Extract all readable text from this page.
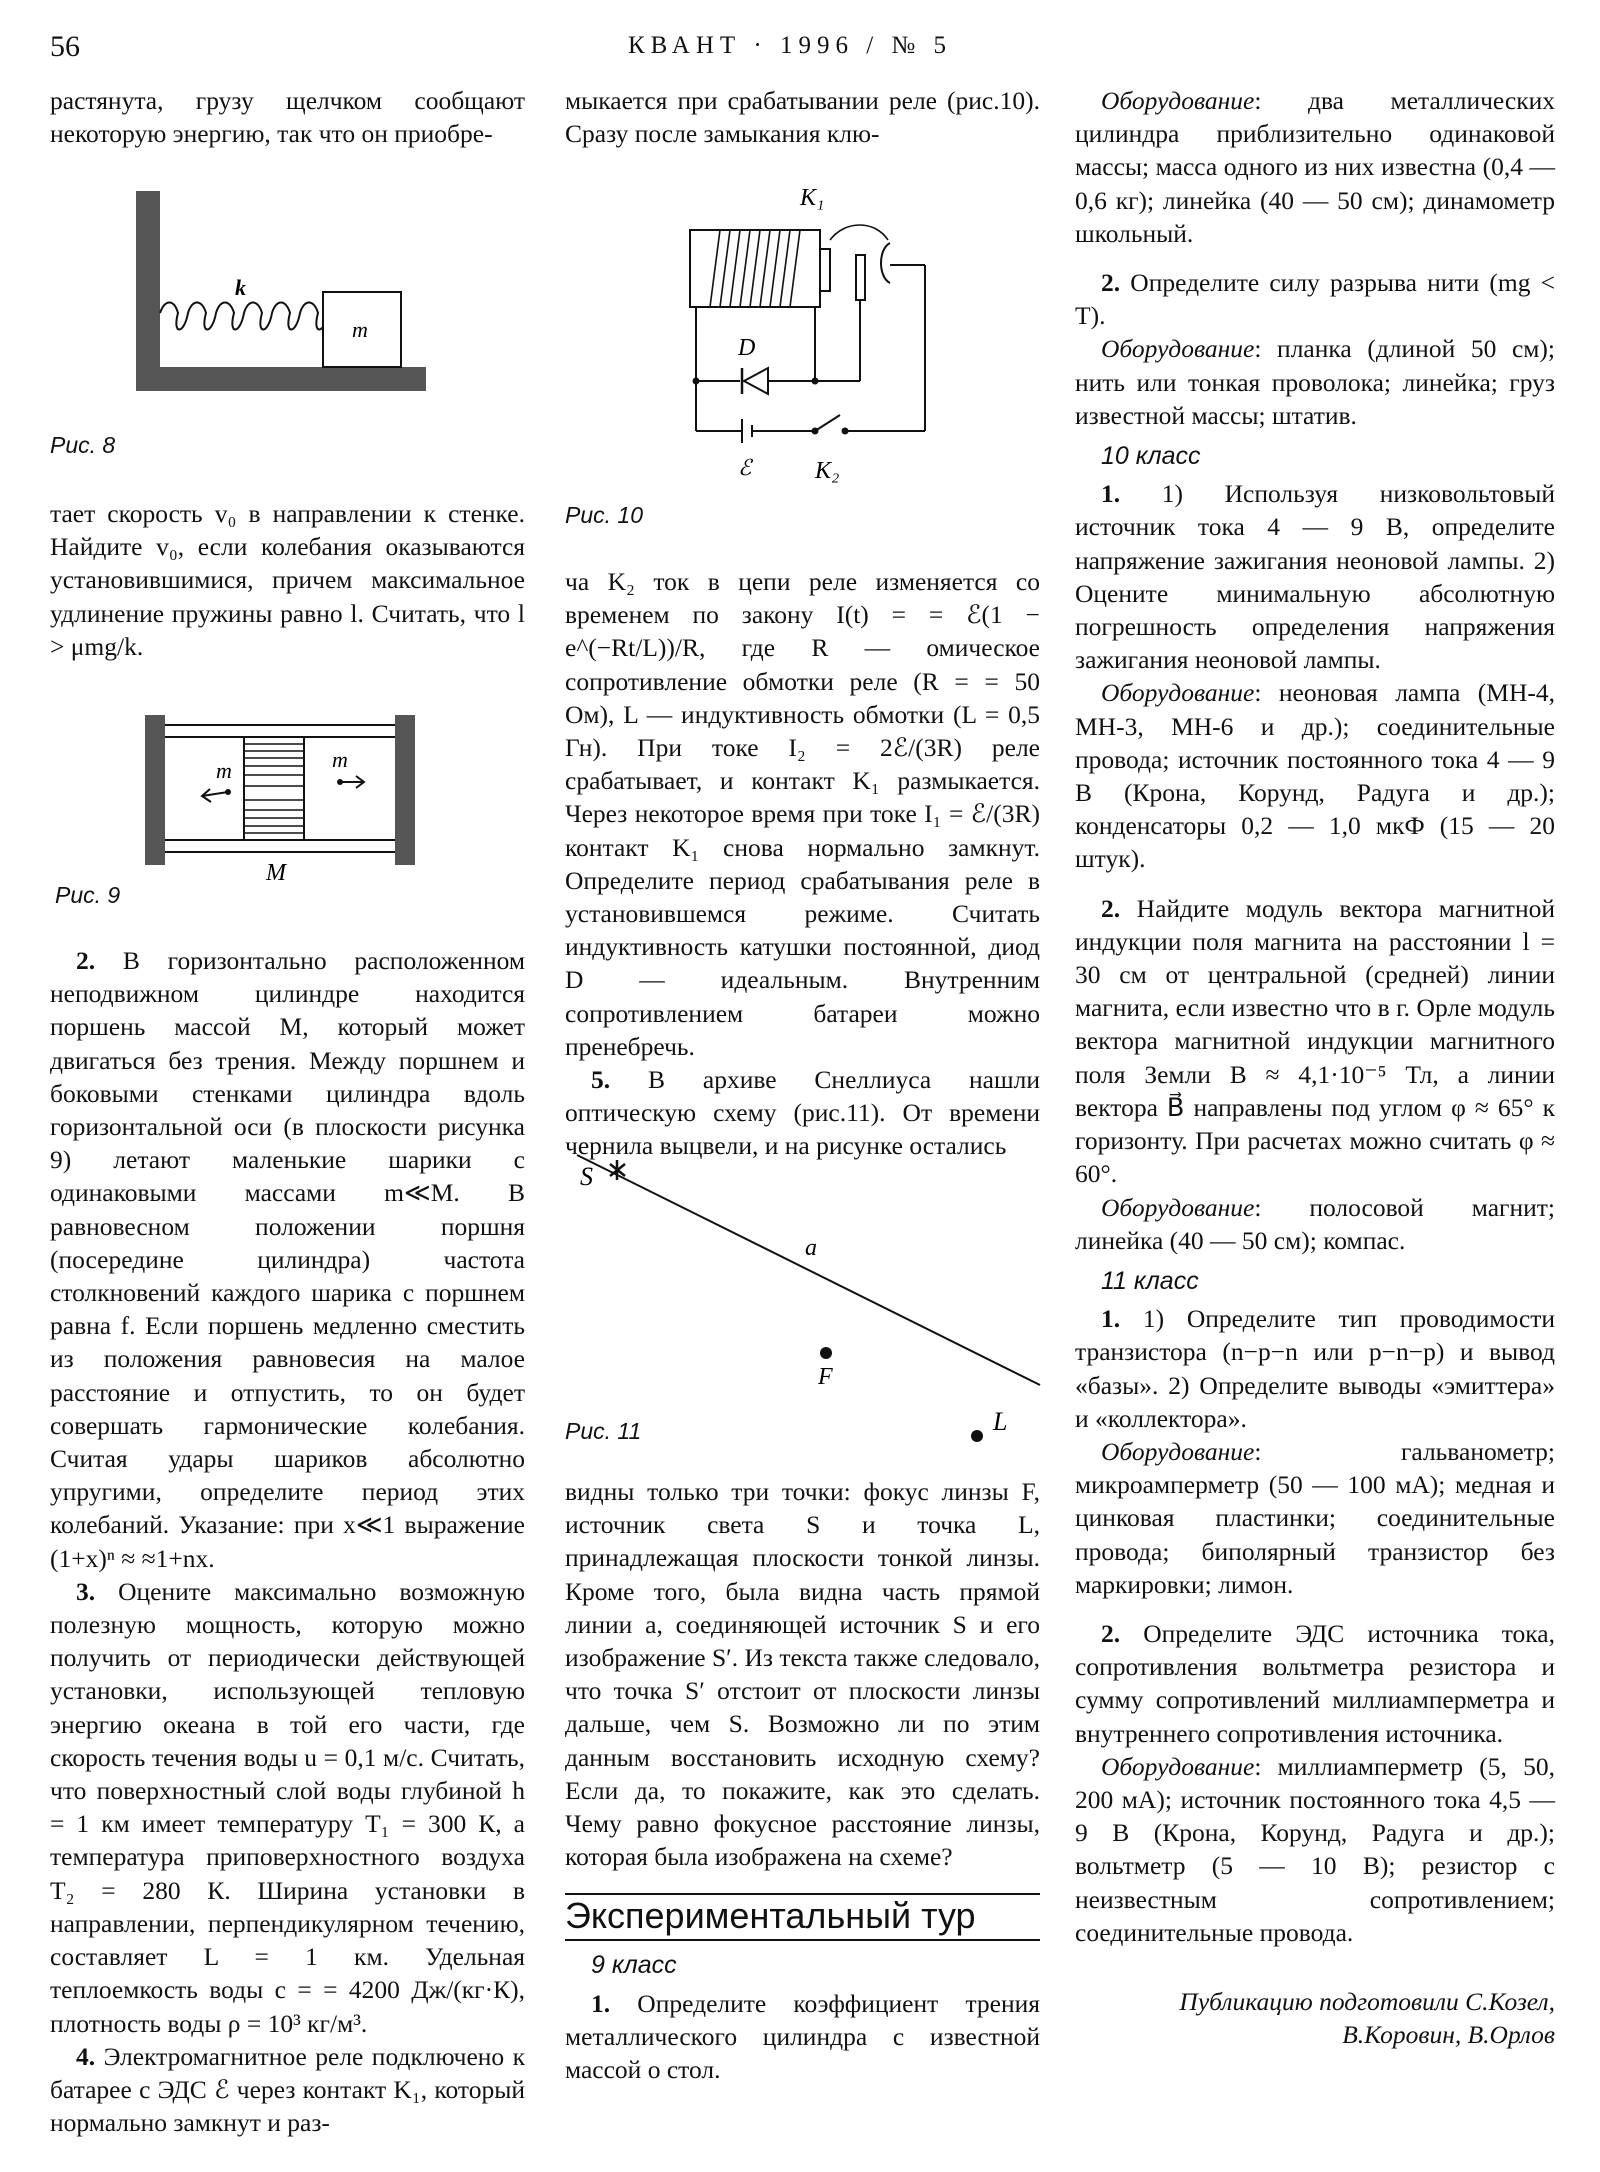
56	КВАНТ · 1996 / № 5

растянута, грузу щелчком сообщают некоторую энергию, так что он приобре-

k
m
Рис. 8

тает скорость v₀ в направлении к стенке. Найдите v₀, если колебания оказываются установившимися, причем максимальное удлинение пружины равно l. Считать, что l > μmg/k.

m	m
M
Рис. 9

2. В горизонтально расположенном неподвижном цилиндре находится поршень массой M, который может двигаться без трения. Между поршнем и боковыми стенками цилиндра вдоль горизонтальной оси (в плоскости рисунка 9) летают маленькие шарики с одинаковыми массами m≪M. В равновесном положении поршня (посередине цилиндра) частота столкновений каждого шарика с поршнем равна f. Если поршень медленно сместить из положения равновесия на малое расстояние и отпустить, то он будет совершать гармонические колебания. Считая удары шариков абсолютно упругими, определите период этих колебаний. Указание: при x≪1 выражение (1+x)ⁿ ≈ ≈1+nx.

3. Оцените максимально возможную полезную мощность, которую можно получить от периодически действующей установки, использующей тепловую энергию океана в той его части, где скорость течения воды u = 0,1 м/с. Считать, что поверхностный слой воды глубиной h = 1 км имеет температуру T₁ = 300 К, а температура приповерхностного воздуха T₂ = 280 К. Ширина установки в направлении, перпендикулярном течению, составляет L = 1 км. Удельная теплоемкость воды c = = 4200 Дж/(кг·К), плотность воды ρ = 10³ кг/м³.

4. Электромагнитное реле подключено к батарее с ЭДС ℰ через контакт K₁, который нормально замкнут и раз-

мыкается при срабатывании реле (рис.10). Сразу после замыкания клю-

K₁
D
ℰ	K₂
Рис. 10

ча K₂ ток в цепи реле изменяется со временем по закону I(t) = = ℰ(1 − e^(−Rt/L))/R, где R — омическое сопротивление обмотки реле (R = = 50 Ом), L — индуктивность обмотки (L = 0,5 Гн). При токе I₂ = 2ℰ/(3R) реле срабатывает, и контакт K₁ размыкается. Через некоторое время при токе I₁ = ℰ/(3R) контакт K₁ снова нормально замкнут. Определите период срабатывания реле в установившемся режиме. Считать индуктивность катушки постоянной, диод D — идеальным. Внутренним сопротивлением батареи можно пренебречь.

5. В архиве Снеллиуса нашли оптическую схему (рис.11). От времени чернила выцвели, и на рисунке остались

S
a
F
L
Рис. 11

видны только три точки: фокус линзы F, источник света S и точка L, принадлежащая плоскости тонкой линзы. Кроме того, была видна часть прямой линии a, соединяющей источник S и его изображение S′. Из текста также следовало, что точка S′ отстоит от плоскости линзы дальше, чем S. Возможно ли по этим данным восстановить исходную схему? Если да, то покажите, как это сделать. Чему равно фокусное расстояние линзы, которая была изображена на схеме?

Экспериментальный тур
9 класс

1. Определите коэффициент трения металлического цилиндра с известной массой о стол.

Оборудование: два металлических цилиндра приблизительно одинаковой массы; масса одного из них известна (0,4 — 0,6 кг); линейка (40 — 50 см); динамометр школьный.

2. Определите силу разрыва нити (mg < T).

Оборудование: планка (длиной 50 см); нить или тонкая проволока; линейка; груз известной массы; штатив.

10 класс

1. 1) Используя низковольтовый источник тока 4 — 9 В, определите напряжение зажигания неоновой лампы. 2) Оцените минимальную абсолютную погрешность определения напряжения зажигания неоновой лампы.

Оборудование: неоновая лампа (МН-4, МН-3, МН-6 и др.); соединительные провода; источник постоянного тока 4 — 9 В (Крона, Корунд, Радуга и др.); конденсаторы 0,2 — 1,0 мкФ (15 — 20 штук).

2. Найдите модуль вектора магнитной индукции поля магнита на расстоянии l = 30 см от центральной (средней) линии магнита, если известно что в г. Орле модуль вектора магнитной индукции магнитного поля Земли B ≈ 4,1·10⁻⁵ Тл, а линии вектора B⃗ направлены под углом φ ≈ 65° к горизонту. При расчетах можно считать φ ≈ 60°.

Оборудование: полосовой магнит; линейка (40 — 50 см); компас.

11 класс

1. 1) Определите тип проводимости транзистора (n−p−n или p−n−p) и вывод «базы». 2) Определите выводы «эмиттера» и «коллектора».

Оборудование: гальванометр; микроамперметр (50 — 100 мА); медная и цинковая пластинки; соединительные провода; биполярный транзистор без маркировки; лимон.

2. Определите ЭДС источника тока, сопротивления вольтметра резистора и сумму сопротивлений миллиамперметра и внутреннего сопротивления источника.

Оборудование: миллиамперметр (5, 50, 200 мА); источник постоянного тока 4,5 — 9 В (Крона, Корунд, Радуга и др.); вольтметр (5 — 10 В); резистор с неизвестным сопротивлением; соединительные провода.

Публикацию подготовили С.Козел,
В.Коровин, В.Орлов
